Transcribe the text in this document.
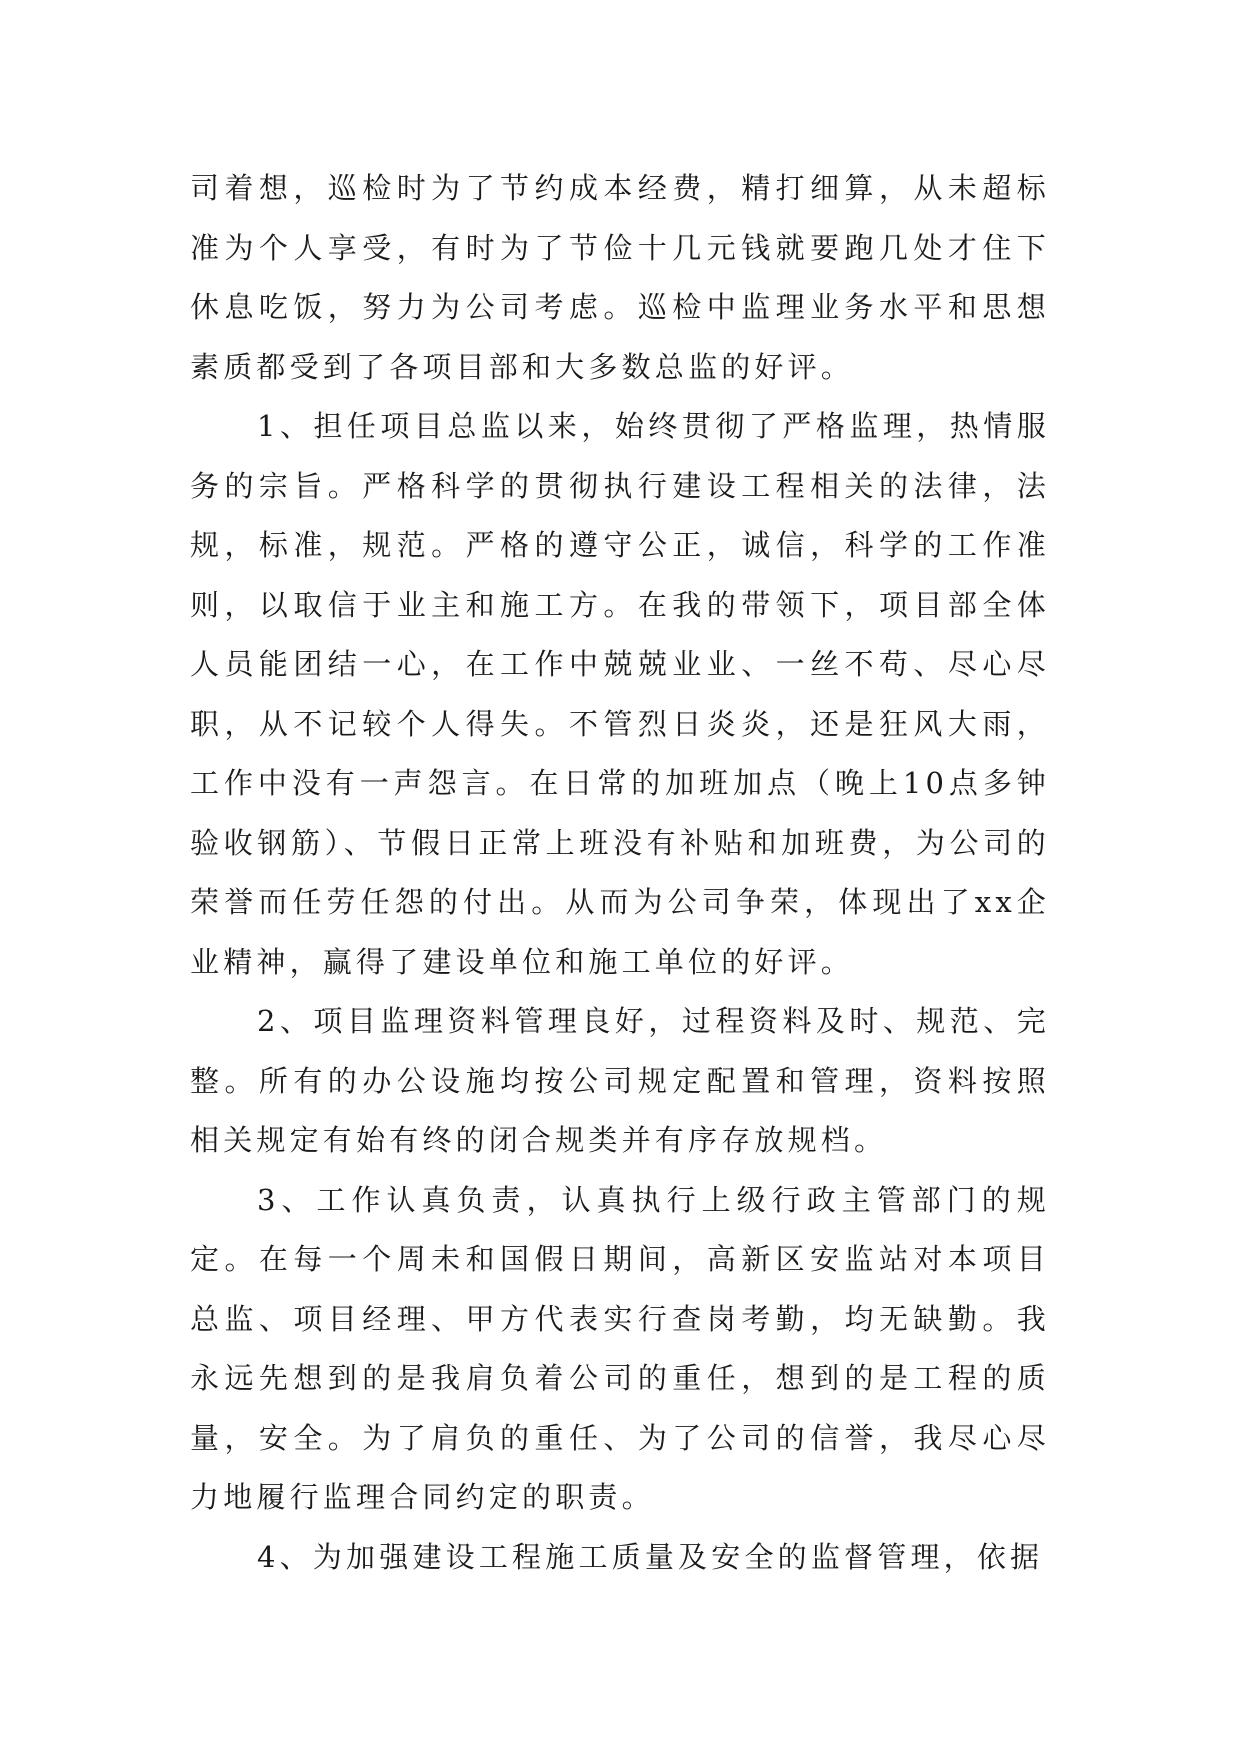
司着想，巡检时为了节约成本经费，精打细算，从未超标准为个人享受，有时为了节俭十几元钱就要跑几处才住下休息吃饭，努力为公司考虑。巡检中监理业务水平和思想素质都受到了各项目部和大多数总监的好评。

1、担任项目总监以来，始终贯彻了严格监理，热情服务的宗旨。严格科学的贯彻执行建设工程相关的法律，法规，标准，规范。严格的遵守公正，诚信，科学的工作准则，以取信于业主和施工方。在我的带领下，项目部全体人员能团结一心，在工作中兢兢业业、一丝不苟、尽心尽职，从不记较个人得失。不管烈日炎炎，还是狂风大雨，工作中没有一声怨言。在日常的加班加点（晚上10点多钟验收钢筋）、节假日正常上班没有补贴和加班费，为公司的荣誉而任劳任怨的付出。从而为公司争荣，体现出了xx企业精神，赢得了建设单位和施工单位的好评。

2、项目监理资料管理良好，过程资料及时、规范、完整。所有的办公设施均按公司规定配置和管理，资料按照相关规定有始有终的闭合规类并有序存放规档。

3、工作认真负责，认真执行上级行政主管部门的规定。在每一个周未和国假日期间，高新区安监站对本项目总监、项目经理、甲方代表实行查岗考勤，均无缺勤。我永远先想到的是我肩负着公司的重任，想到的是工程的质量，安全。为了肩负的重任、为了公司的信誉，我尽心尽力地履行监理合同约定的职责。

4、为加强建设工程施工质量及安全的监督管理，依据
